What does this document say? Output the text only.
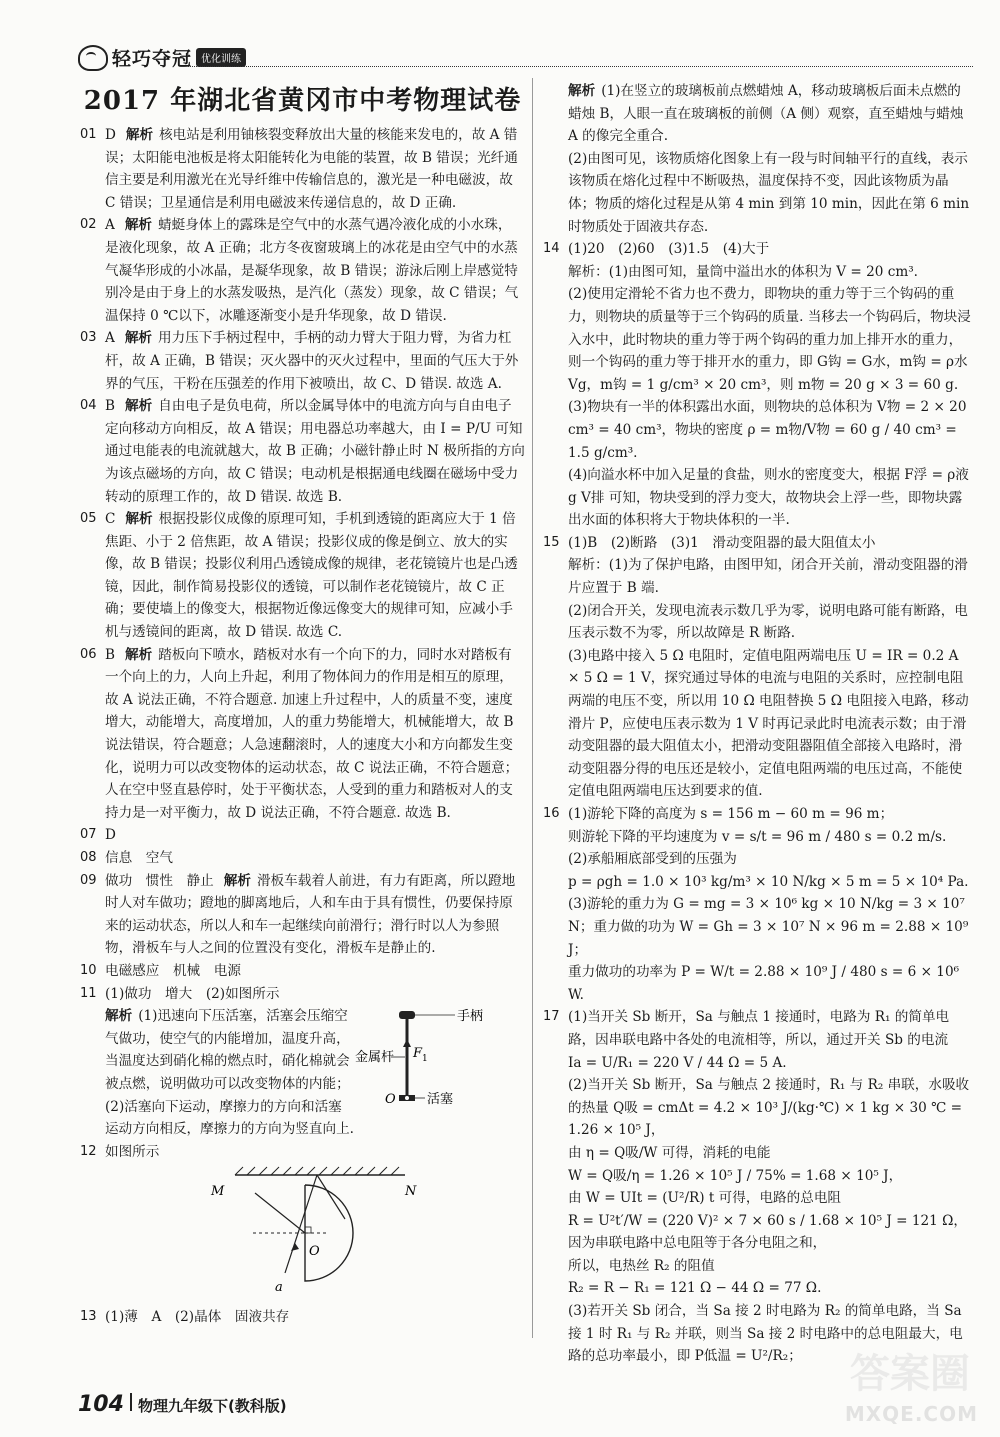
轻巧夺冠 优化训练
2017 年湖北省黄冈市中考物理试卷
01 D 解析 核电站是利用铀核裂变释放出大量的核能来发电的，故 A 错误；太阳能电池板是将太阳能转化为电能的装置，故 B 错误；光纤通信主要是利用激光在光导纤维中传输信息的，激光是一种电磁波，故 C 错误；卫星通信是利用电磁波来传递信息的，故 D 正确.

02 A 解析 蜻蜓身体上的露珠是空气中的水蒸气遇冷液化成的小水珠，是液化现象，故 A 正确；北方冬夜窗玻璃上的冰花是由空气中的水蒸气凝华形成的小冰晶，是凝华现象，故 B 错误；游泳后刚上岸感觉特别冷是由于身上的水蒸发吸热，是汽化（蒸发）现象，故 C 错误；气温保持 0 ℃以下，冰雕逐渐变小是升华现象，故 D 错误.

03 A 解析 用力压下手柄过程中，手柄的动力臂大于阻力臂，为省力杠杆，故 A 正确，B 错误；灭火器中的灭火过程中，里面的气压大于外界的气压，干粉在压强差的作用下被喷出，故 C、D 错误. 故选 A.

04 B 解析 自由电子是负电荷，所以金属导体中的电流方向与自由电子定向移动方向相反，故 A 错误；用电器总功率越大，由 I = P/U 可知通过电能表的电流就越大，故 B 正确；小磁针静止时 N 极所指的方向为该点磁场的方向，故 C 错误；电动机是根据通电线圈在磁场中受力转动的原理工作的，故 D 错误. 故选 B.

05 C 解析 根据投影仪成像的原理可知，手机到透镜的距离应大于 1 倍焦距、小于 2 倍焦距，故 A 错误；投影仪成的像是倒立、放大的实像，故 B 错误；投影仪利用凸透镜成像的规律，老花镜镜片也是凸透镜，因此，制作简易投影仪的透镜，可以制作老花镜镜片，故 C 正确；要使墙上的像变大，根据物近像远像变大的规律可知，应减小手机与透镜间的距离，故 D 错误. 故选 C.

06 B 解析 踏板向下喷水，踏板对水有一个向下的力，同时水对踏板有一个向上的力，人向上升起，利用了物体间力的作用是相互的原理，故 A 说法正确，不符合题意. 加速上升过程中，人的质量不变，速度增大，动能增大，高度增加，人的重力势能增大，机械能增大，故 B 说法错误，符合题意；人急速翻滚时，人的速度大小和方向都发生变化，说明力可以改变物体的运动状态，故 C 说法正确，不符合题意；人在空中竖直悬停时，处于平衡状态，人受到的重力和踏板对人的支持力是一对平衡力，故 D 说法正确，不符合题意. 故选 B.

07 D

08 信息　空气

09 做功　惯性　静止 解析 滑板车载着人前进，有力有距离，所以蹬地时人对车做功；蹬地的脚离地后，人和车由于具有惯性，仍要保持原来的运动状态，所以人和车一起继续向前滑行；滑行时以人为参照物，滑板车与人之间的位置没有变化，滑板车是静止的.

10 电磁感应　机械　电源

11 (1)做功　增大　(2)如图所示

解析 (1)迅速向下压活塞，活塞会压缩空气做功，使空气的内能增加，温度升高，当温度达到硝化棉的燃点时，硝化棉就会被点燃，说明做功可以改变物体的内能；(2)活塞向下运动，摩擦力的方向和活塞运动方向相反，摩擦力的方向为竖直向上.
手柄
F 1
金属杆
O 活塞
12 如图所示

M	N
O
a
13 (1)薄　A　(2)晶体　固液共存

解析 (1)在竖立的玻璃板前点燃蜡烛 A，移动玻璃板后面未点燃的蜡烛 B，人眼一直在玻璃板的前侧（A 侧）观察，直至蜡烛与蜡烛 A 的像完全重合.

(2)由图可见，该物质熔化图象上有一段与时间轴平行的直线，表示该物质在熔化过程中不断吸热，温度保持不变，因此该物质为晶体；物质的熔化过程是从第 4 min 到第 10 min，因此在第 6 min 时物质处于固液共存态.

14 (1)20　(2)60　(3)1.5　(4)大于

解析：(1)由图可知，量筒中溢出水的体积为 V = 20 cm³.

(2)使用定滑轮不省力也不费力，即物块的重力等于三个钩码的重力，则物块的质量等于三个钩码的质量. 当移去一个钩码后，物块浸入水中，此时物块的重力等于两个钩码的重力加上排开水的重力，则一个钩码的重力等于排开水的重力，即 G钩 = G水，m钩 = ρ水 Vg，m钩 = 1 g/cm³ × 20 cm³，则 m物 = 20 g × 3 = 60 g.

(3)物块有一半的体积露出水面，则物块的总体积为 V物 = 2 × 20 cm³ = 40 cm³，物块的密度 ρ = m物/V物 = 60 g / 40 cm³ = 1.5 g/cm³.

(4)向溢水杯中加入足量的食盐，则水的密度变大，根据 F浮 = ρ液 g V排 可知，物块受到的浮力变大，故物块会上浮一些，即物块露出水面的体积将大于物块体积的一半.

15 (1)B　(2)断路　(3)1　滑动变阻器的最大阻值太小

解析：(1)为了保护电路，由图甲知，闭合开关前，滑动变阻器的滑片应置于 B 端.

(2)闭合开关，发现电流表示数几乎为零，说明电路可能有断路，电压表示数不为零，所以故障是 R 断路.

(3)电路中接入 5 Ω 电阻时，定值电阻两端电压 U = IR = 0.2 A × 5 Ω = 1 V，探究通过导体的电流与电阻的关系时，应控制电阻两端的电压不变，所以用 10 Ω 电阻替换 5 Ω 电阻接入电路，移动滑片 P，应使电压表示数为 1 V 时再记录此时电流表示数；由于滑动变阻器的最大阻值太小，把滑动变阻器阻值全部接入电路时，滑动变阻器分得的电压还是较小，定值电阻两端的电压过高，不能使定值电阻两端电压达到要求的值.

16 (1)游轮下降的高度为 s = 156 m − 60 m = 96 m；

则游轮下降的平均速度为 v = s/t = 96 m / 480 s = 0.2 m/s.

(2)承船厢底部受到的压强为

p = ρgh = 1.0 × 10³ kg/m³ × 10 N/kg × 5 m = 5 × 10⁴ Pa.

(3)游轮的重力为 G = mg = 3 × 10⁶ kg × 10 N/kg = 3 × 10⁷ N；重力做的功为 W = Gh = 3 × 10⁷ N × 96 m = 2.88 × 10⁹ J；

重力做功的功率为 P = W/t = 2.88 × 10⁹ J / 480 s = 6 × 10⁶ W.

17 (1)当开关 Sb 断开，Sa 与触点 1 接通时，电路为 R₁ 的简单电路，因串联电路中各处的电流相等，所以，通过开关 Sb 的电流

Ia = U/R₁ = 220 V / 44 Ω = 5 A.

(2)当开关 Sb 断开，Sa 与触点 2 接通时，R₁ 与 R₂ 串联，水吸收的热量 Q吸 = cmΔt = 4.2 × 10³ J/(kg·℃) × 1 kg × 30 ℃ = 1.26 × 10⁵ J，

由 η = Q吸/W 可得，消耗的电能

W = Q吸/η = 1.26 × 10⁵ J / 75% = 1.68 × 10⁵ J，

由 W = UIt = (U²/R) t 可得，电路的总电阻

R = U²t′/W = (220 V)² × 7 × 60 s / 1.68 × 10⁵ J = 121 Ω，

因为串联电路中总电阻等于各分电阻之和，

所以，电热丝 R₂ 的阻值

R₂ = R − R₁ = 121 Ω − 44 Ω = 77 Ω.

(3)若开关 Sb 闭合，当 Sa 接 2 时电路为 R₂ 的简单电路，当 Sa 接 1 时 R₁ 与 R₂ 并联，则当 Sa 接 2 时电路中的总电阻最大，电路的总功率最小，即 P低温 = U²/R₂；

104 物理九年级下(教科版)
答案圈
MXQE.COM
